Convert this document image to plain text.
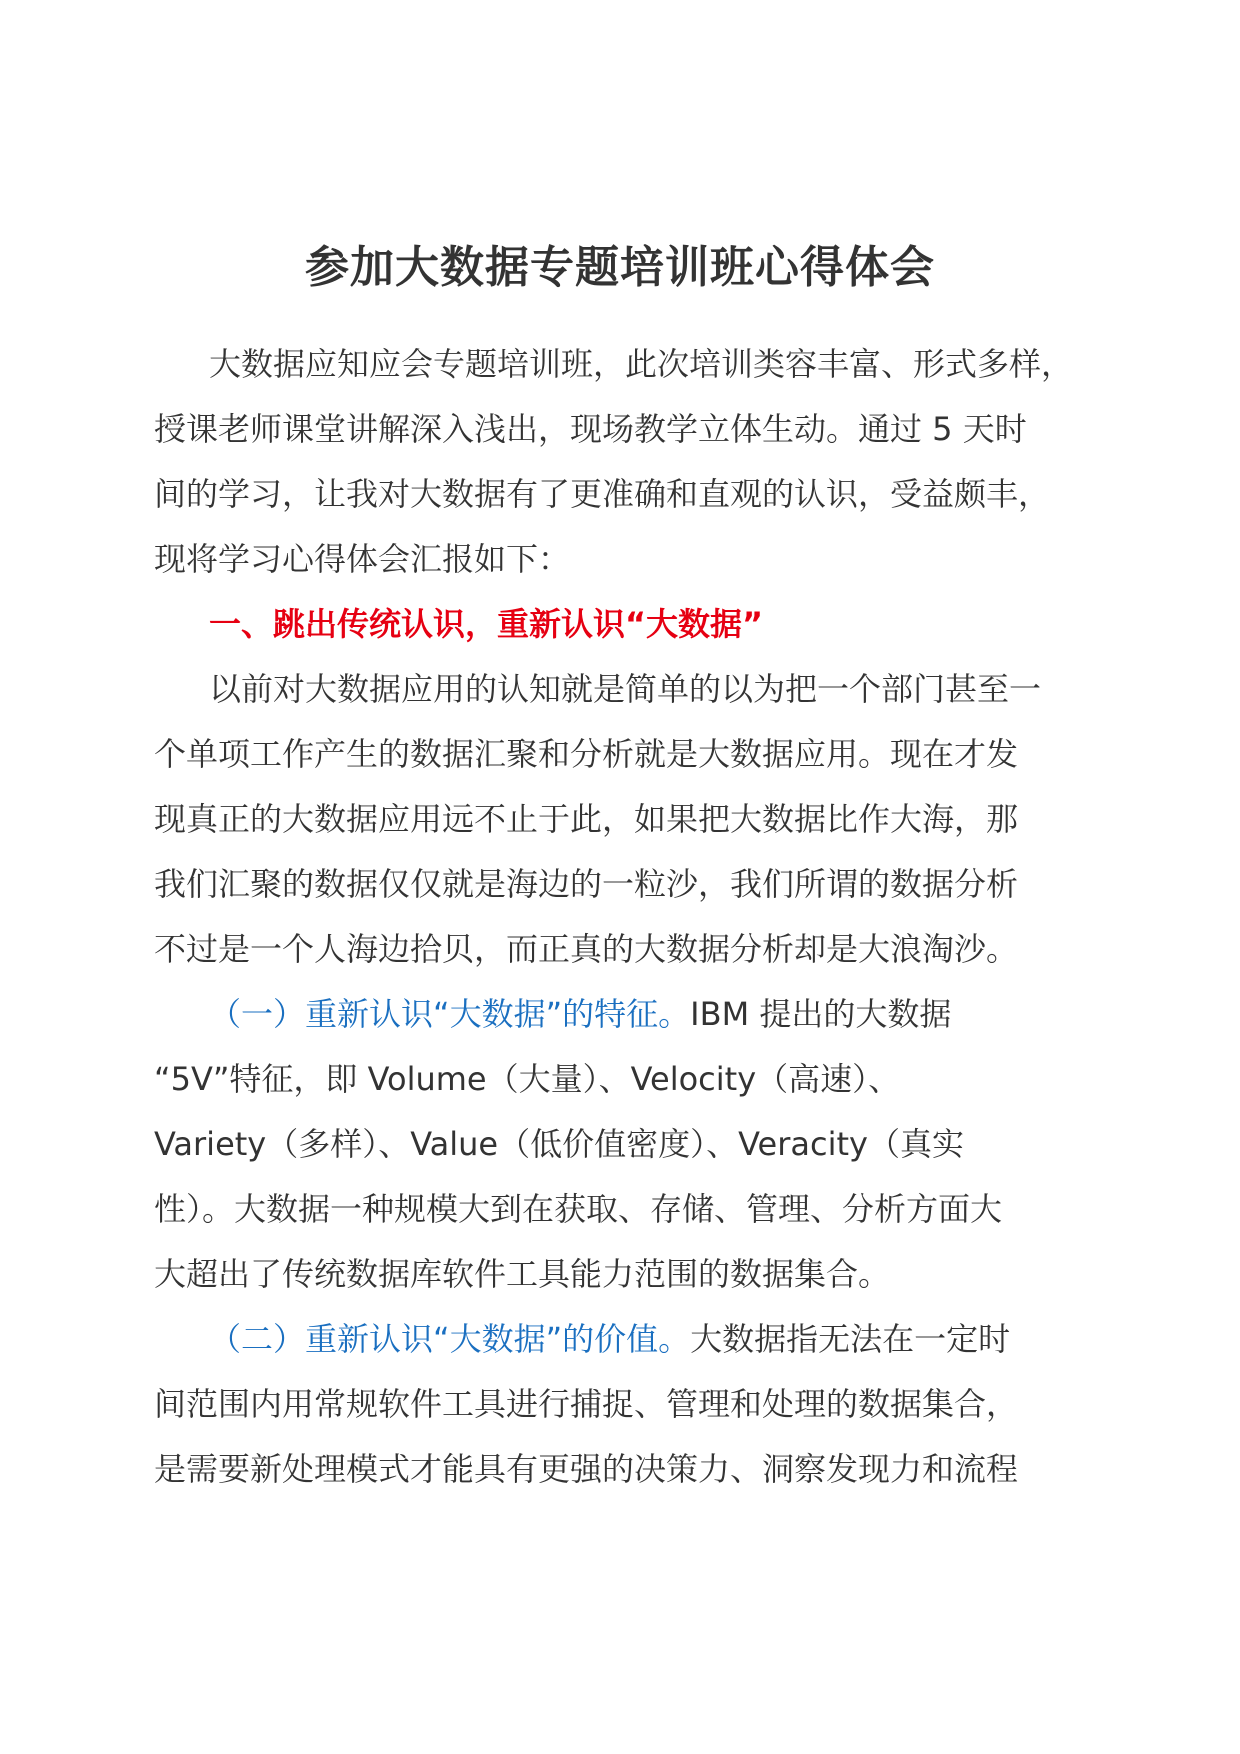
参加大数据专题培训班心得体会

大数据应知应会专题培训班，此次培训类容丰富、形式多样，

授课老师课堂讲解深入浅出，现场教学立体生动。通过 5 天时

间的学习，让我对大数据有了更准确和直观的认识，受益颇丰，

现将学习心得体会汇报如下：

一、跳出传统认识，重新认识“大数据”

以前对大数据应用的认知就是简单的以为把一个部门甚至一

个单项工作产生的数据汇聚和分析就是大数据应用。现在才发

现真正的大数据应用远不止于此，如果把大数据比作大海，那

我们汇聚的数据仅仅就是海边的一粒沙，我们所谓的数据分析

不过是一个人海边拾贝，而正真的大数据分析却是大浪淘沙。

（一）重新认识“大数据”的特征。IBM 提出的大数据

“5V”特征，即 Volume（大量）、Velocity（高速）、

Variety（多样）、Value（低价值密度）、Veracity（真实

性）。大数据一种规模大到在获取、存储、管理、分析方面大

大超出了传统数据库软件工具能力范围的数据集合。

（二）重新认识“大数据”的价值。大数据指无法在一定时

间范围内用常规软件工具进行捕捉、管理和处理的数据集合，

是需要新处理模式才能具有更强的决策力、洞察发现力和流程
